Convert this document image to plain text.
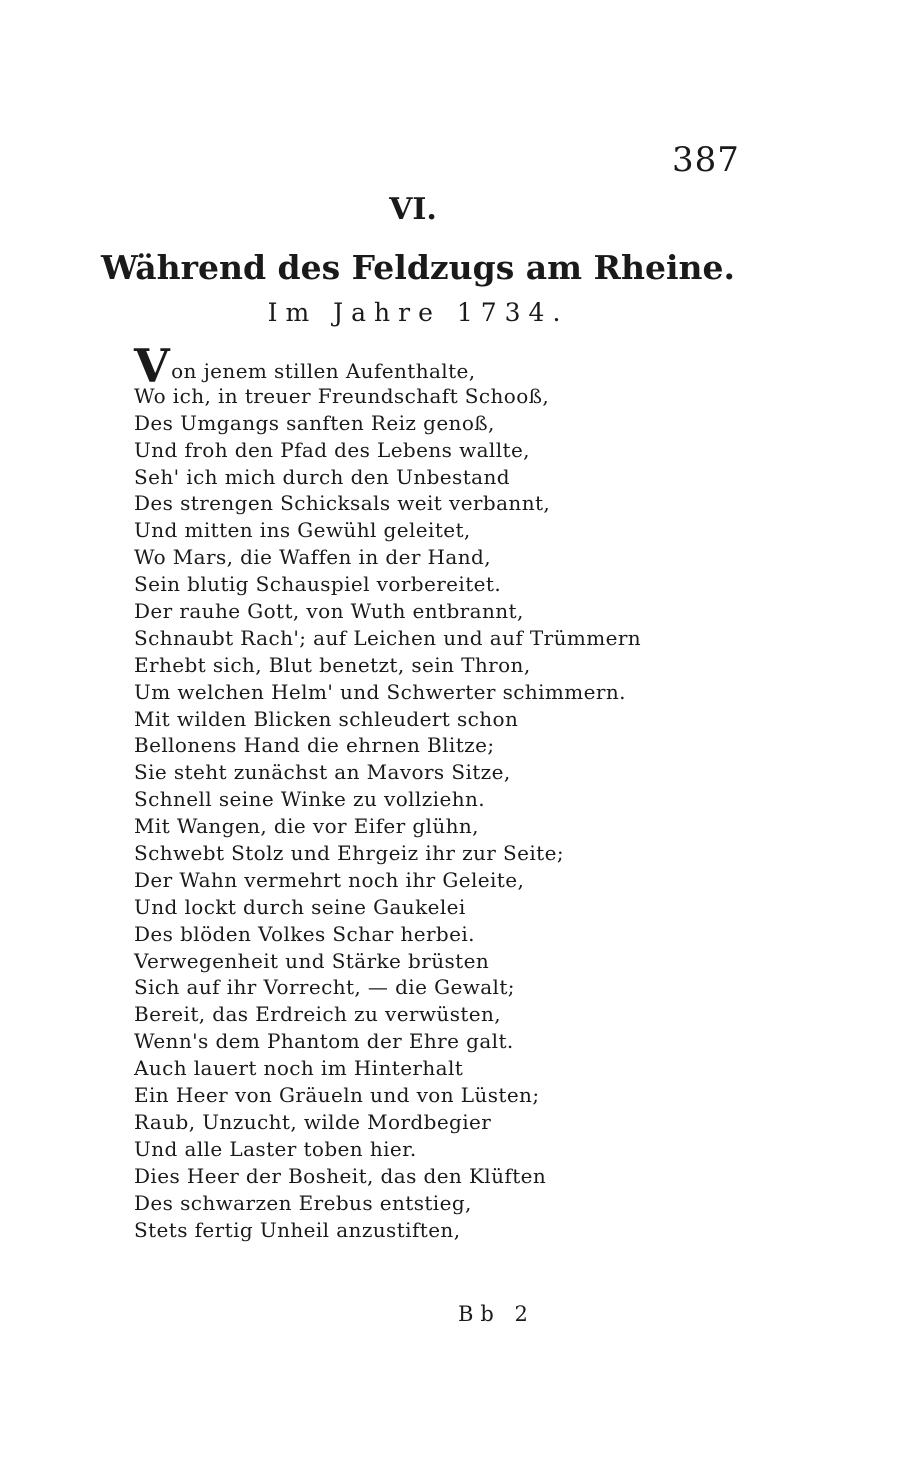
387
VI.
Während des Feldzugs am Rheine.
Im Jahre 1734.
Von jenem stillen Aufenthalte,
Wo ich, in treuer Freundschaft Schooß,
Des Umgangs sanften Reiz genoß,
Und froh den Pfad des Lebens wallte,
Seh' ich mich durch den Unbestand
Des strengen Schicksals weit verbannt,
Und mitten ins Gewühl geleitet,
Wo Mars, die Waffen in der Hand,
Sein blutig Schauspiel vorbereitet.
Der rauhe Gott, von Wuth entbrannt,
Schnaubt Rach'; auf Leichen und auf Trümmern
Erhebt sich, Blut benetzt, sein Thron,
Um welchen Helm' und Schwerter schimmern.
Mit wilden Blicken schleudert schon
Bellonens Hand die ehrnen Blitze;
Sie steht zunächst an Mavors Sitze,
Schnell seine Winke zu vollziehn.
Mit Wangen, die vor Eifer glühn,
Schwebt Stolz und Ehrgeiz ihr zur Seite;
Der Wahn vermehrt noch ihr Geleite,
Und lockt durch seine Gaukelei
Des blöden Volkes Schar herbei.
Verwegenheit und Stärke brüsten
Sich auf ihr Vorrecht, — die Gewalt;
Bereit, das Erdreich zu verwüsten,
Wenn's dem Phantom der Ehre galt.
Auch lauert noch im Hinterhalt
Ein Heer von Gräueln und von Lüsten;
Raub, Unzucht, wilde Mordbegier
Und alle Laster toben hier.
Dies Heer der Bosheit, das den Klüften
Des schwarzen Erebus entstieg,
Stets fertig Unheil anzustiften,
Bb 2
